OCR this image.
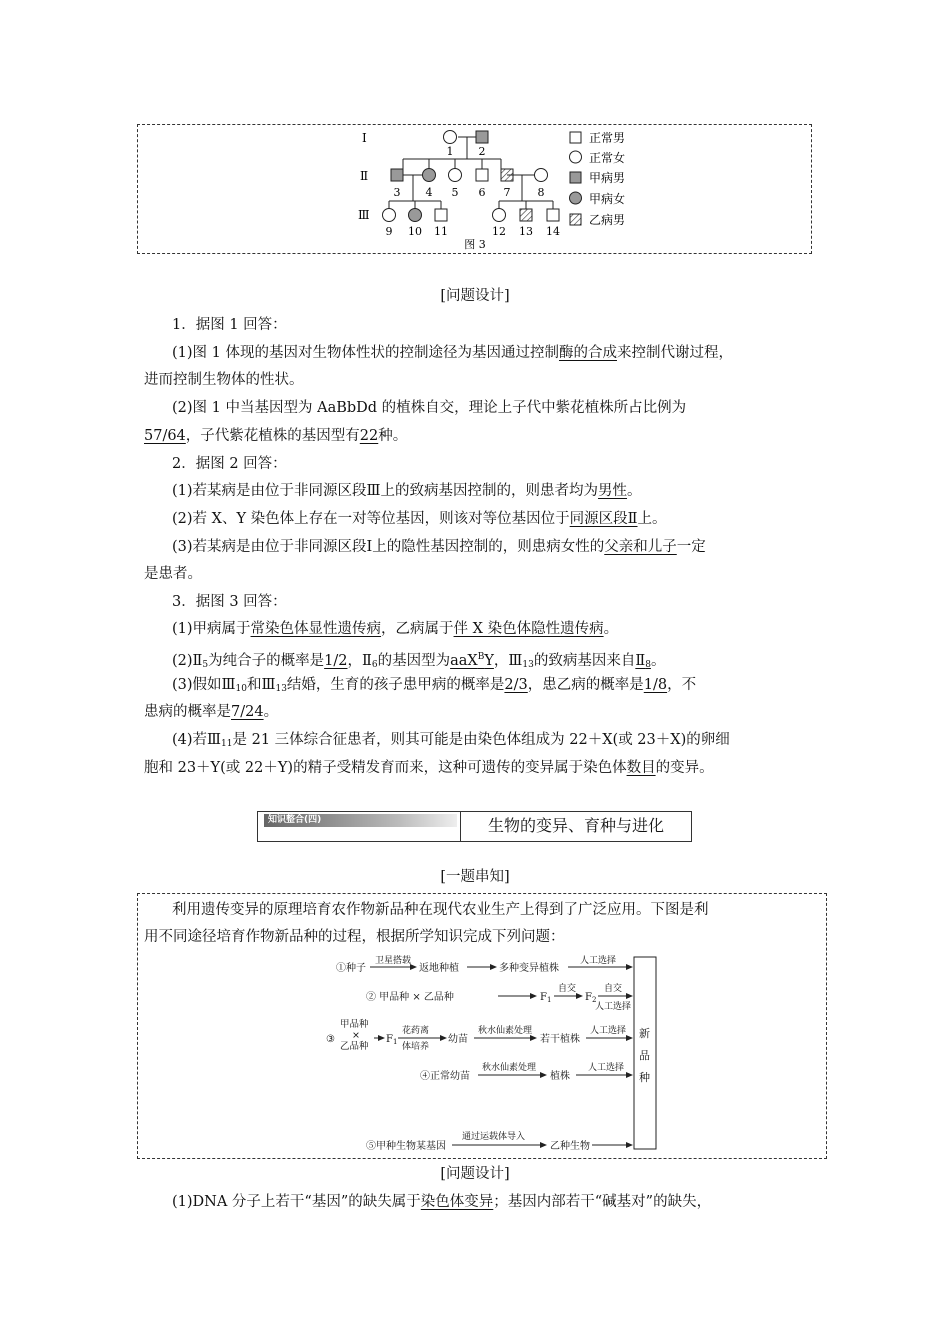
Ⅰ
Ⅱ
Ⅲ
1 2
3 4 5 6 7 8
9 10 11	12 13 14
图 3
正常男
正常女
甲病男
甲病女
乙病男
[问题设计]
1．据图 1 回答：
(1)图 1 体现的基因对生物体性状的控制途径为基因通过控制酶的合成来控制代谢过程，
进而控制生物体的性状。
(2)图 1 中当基因型为 AaBbDd 的植株自交，理论上子代中紫花植株所占比例为
57/64，子代紫花植株的基因型有22种。
2．据图 2 回答：
(1)若某病是由位于非同源区段Ⅲ上的致病基因控制的，则患者均为男性。
(2)若 X、Y 染色体上存在一对等位基因，则该对等位基因位于同源区段Ⅱ上。
(3)若某病是由位于非同源区段Ⅰ上的隐性基因控制的，则患病女性的父亲和儿子一定
是患者。
3．据图 3 回答：
(1)甲病属于常染色体显性遗传病，乙病属于伴 X 染色体隐性遗传病。
$(2)Ⅱ_5$为纯合子的概率是1/2，$Ⅱ_6$的基因型为aaX$^B$Y，$Ⅲ_{13}$的致病基因来自$Ⅱ_8$。
(3)假如$Ⅲ_{10}$和$Ⅲ_{13}$结婚，生育的孩子患甲病的概率是2/3，患乙病的概率是1/8，不
患病的概率是7/24。
(4)若$Ⅲ_{11}$是 21 三体综合征患者，则其可能是由染色体组成为 22＋X(或 23＋X)的卵细
胞和 23＋Y(或 22＋Y)的精子受精发育而来，这种可遗传的变异属于染色体数目的变异。
知识整合(四)	生物的变异、育种与进化
[一题串知]
利用遗传变异的原理培育农作物新品种在现代农业生产上得到了广泛应用。下图是利
用不同途径培育作物新品种的过程，根据所学知识完成下列问题：
①种子
卫星搭载
返地种植	多种变异植株
人工选择
② 甲品种 × 乙品种	$F_1$
自交
$F_2$
自交
人工选择
③
甲品种
×
乙品种
$F_1$
花药离
体培养
幼苗
秋水仙素处理
若干植株
人工选择
④正常幼苗
秋水仙素处理
植株
人工选择
⑤甲种生物某基因
通过运载体导入
乙种生物
新
品
种
[问题设计]
(1)DNA 分子上若干“基因”的缺失属于染色体变异；基因内部若干“碱基对”的缺失，
